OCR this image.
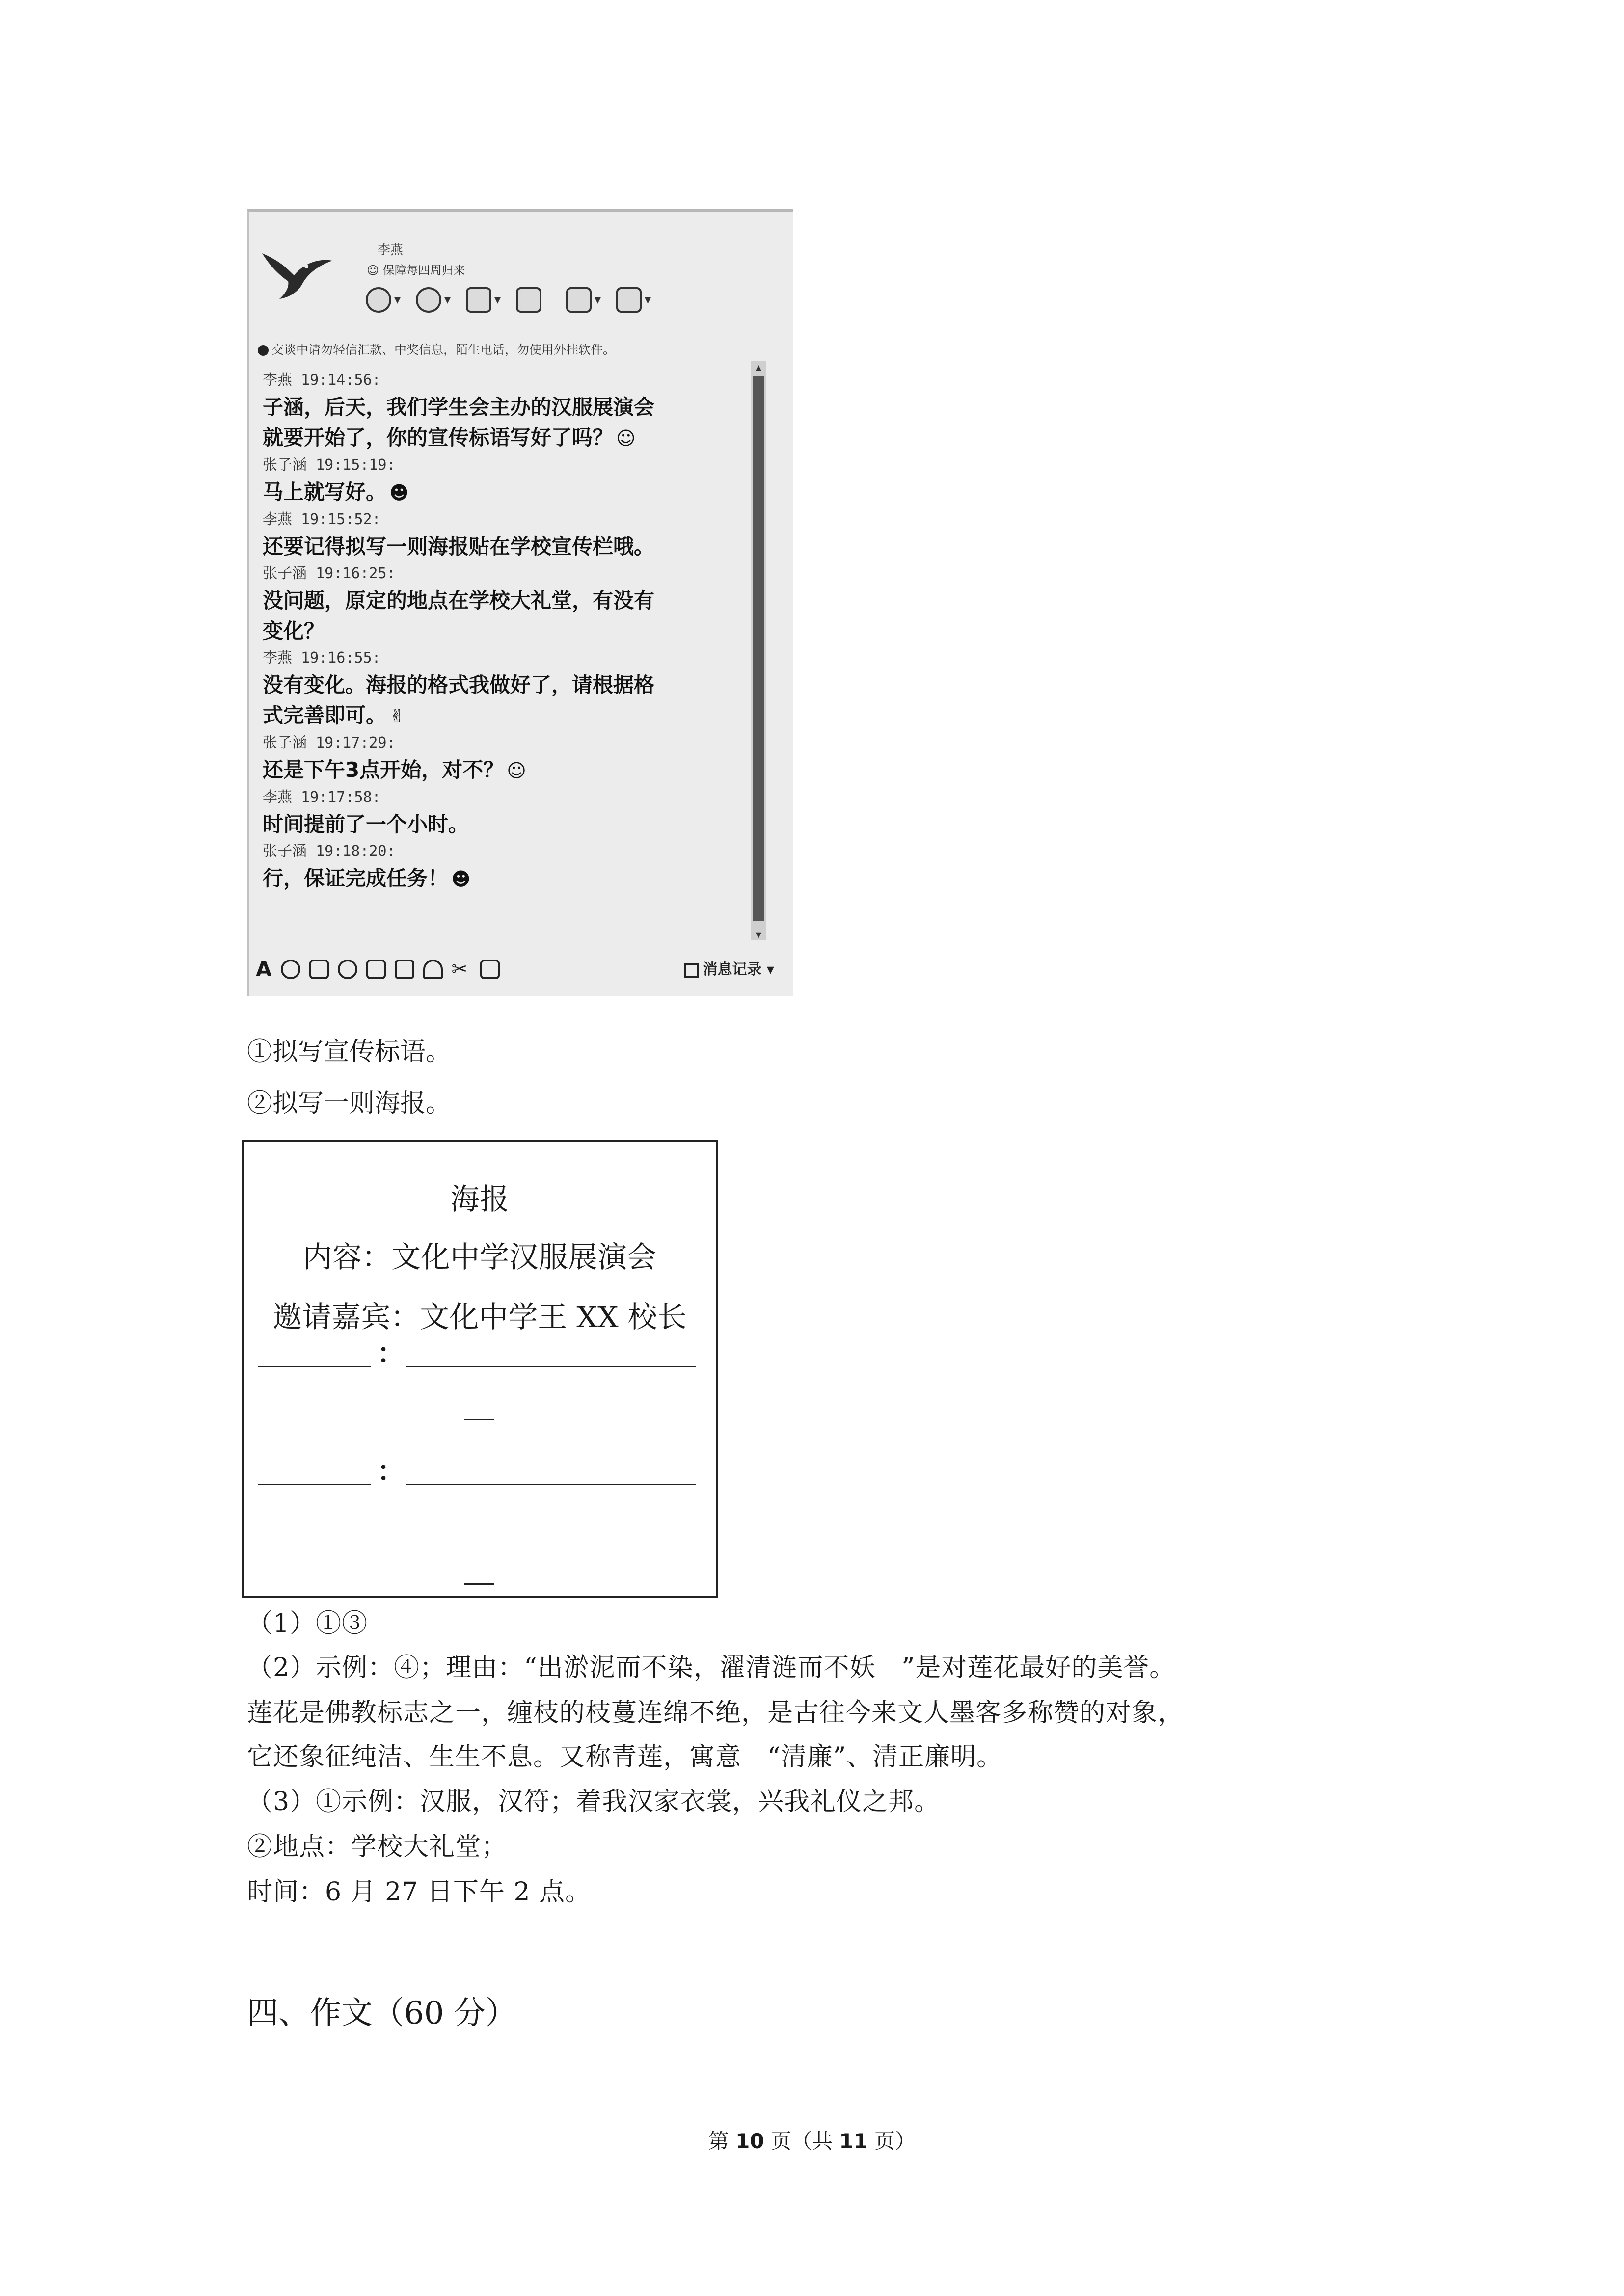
李燕
☺ 保障每四周归来
▾	▾	▾	▾	▾
交谈中请勿轻信汇款、中奖信息，陌生电话，勿使用外挂软件。
李燕 19:14:56:
子涵，后天，我们学生会主办的汉服展演会
就要开始了，你的宣传标语写好了吗？ ☺
张子涵 19:15:19:
马上就写好。 ☻
李燕 19:15:52:
还要记得拟写一则海报贴在学校宣传栏哦。
张子涵 19:16:25:
没问题，原定的地点在学校大礼堂，有没有
变化？
李燕 19:16:55:
没有变化。海报的格式我做好了，请根据格
式完善即可。 ✌
张子涵 19:17:29:
还是下午3点开始，对不？ ☺
李燕 19:17:58:
时间提前了一个小时。
张子涵 19:18:20:
行，保证完成任务！ ☻
▴
▾
A	✂	消息记录 ▾
①拟写宣传标语。
②拟写一则海报。
海报
内容：文化中学汉服展演会
邀请嘉宾：文化中学王 XX 校长
：
：
（1）①③
（2）示例：④；理由：“出淤泥而不染，濯清涟而不妖　”是对莲花最好的美誉。
莲花是佛教标志之一，缠枝的枝蔓连绵不绝，是古往今来文人墨客多称赞的对象，
它还象征纯洁、生生不息。又称青莲，寓意　“清廉”、清正廉明。
（3）①示例：汉服，汉符；着我汉家衣裳，兴我礼仪之邦。
②地点：学校大礼堂；
时间：6 月 27 日下午 2 点。
四、作文（60 分）
第 10 页（共 11 页）
